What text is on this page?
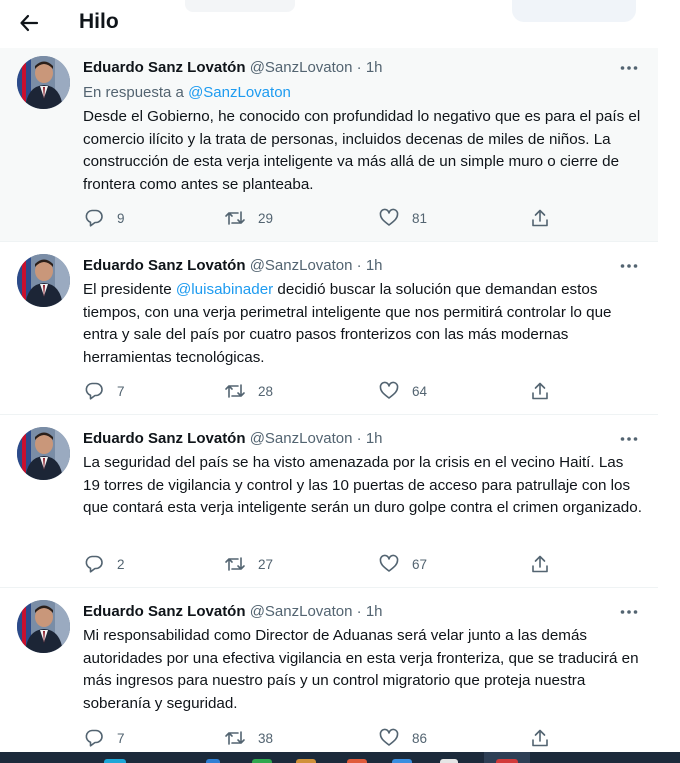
Hilo
Eduardo Sanz Lovatón @SanzLovaton · 1h
En respuesta a @SanzLovaton
Desde el Gobierno, he conocido con profundidad lo negativo que es para el país el comercio ilícito y la trata de personas, incluidos decenas de miles de niños. La construcción de esta verja inteligente va más allá de un simple muro o cierre de frontera como antes se planteaba.
9	29	81
Eduardo Sanz Lovatón @SanzLovaton · 1h
El presidente @luisabinader decidió buscar la solución que demandan estos tiempos, con una verja perimetral inteligente que nos permitirá controlar lo que entra y sale del país por cuatro pasos fronterizos con las más modernas herramientas tecnológicas.
7	28	64
Eduardo Sanz Lovatón @SanzLovaton · 1h
La seguridad del país se ha visto amenazada por la crisis en el vecino Haití. Las 19 torres de vigilancia y control y las 10 puertas de acceso para patrullaje con los que contará esta verja inteligente serán un duro golpe contra el crimen organizado.
2	27	67
Eduardo Sanz Lovatón @SanzLovaton · 1h
Mi responsabilidad como Director de Aduanas será velar junto a las demás autoridades por una efectiva vigilancia en esta verja fronteriza, que se traducirá en más ingresos para nuestro país y un control migratorio que proteja nuestra soberanía y seguridad.
7	38	86
